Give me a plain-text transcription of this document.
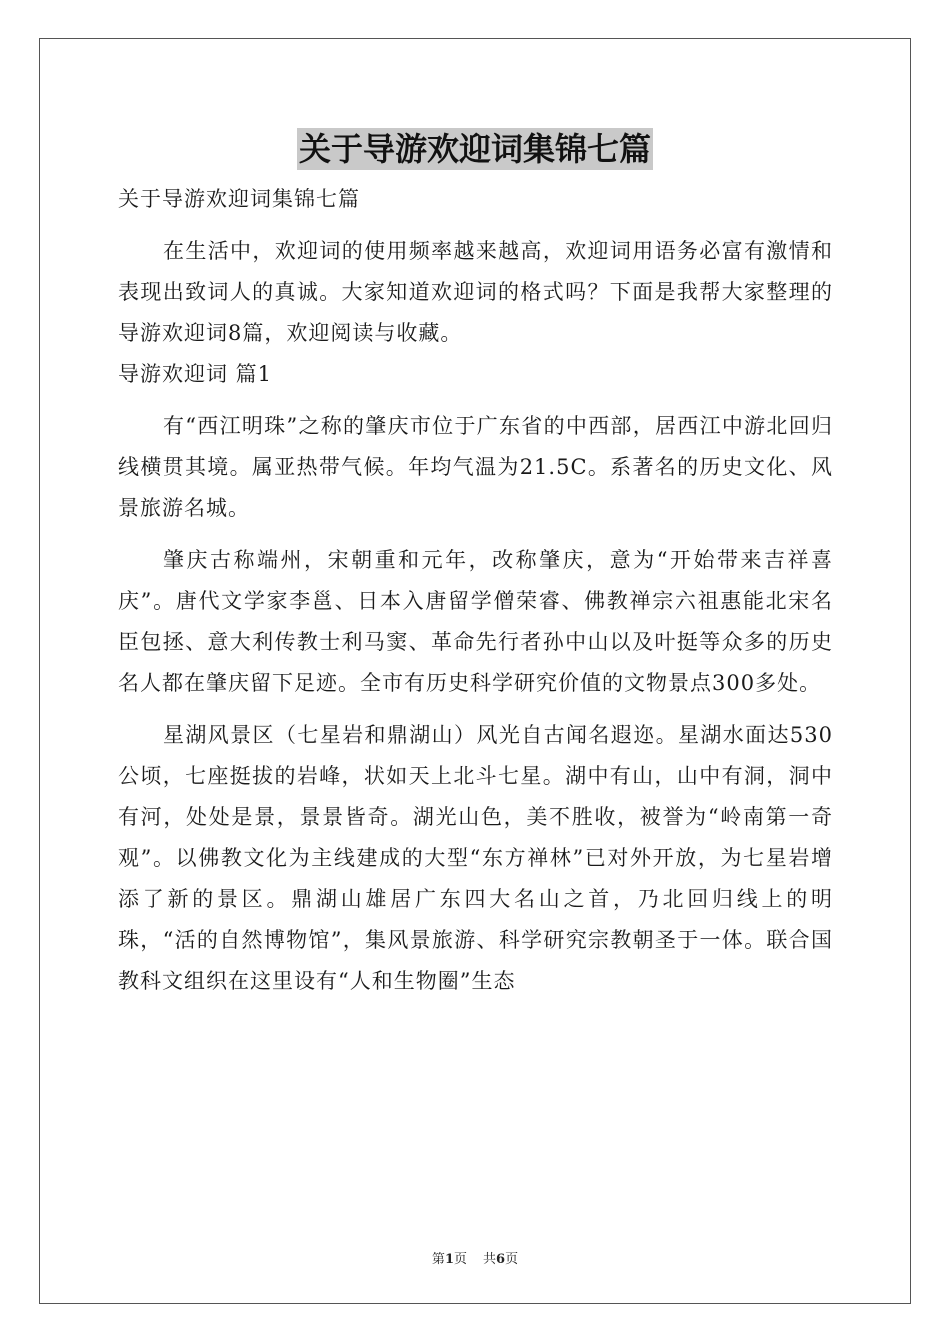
关于导游欢迎词集锦七篇

关于导游欢迎词集锦七篇

在生活中，欢迎词的使用频率越来越高，欢迎词用语务必富有激情和表现出致词人的真诚。大家知道欢迎词的格式吗？下面是我帮大家整理的导游欢迎词8篇，欢迎阅读与收藏。

导游欢迎词 篇1

有“西江明珠”之称的肇庆市位于广东省的中西部，居西江中游北回归线横贯其境。属亚热带气候。年均气温为21.5C。系著名的历史文化、风景旅游名城。

肇庆古称端州，宋朝重和元年，改称肇庆，意为“开始带来吉祥喜庆”。唐代文学家李邕、日本入唐留学僧荣睿、佛教禅宗六祖惠能北宋名臣包拯、意大利传教士利马窦、革命先行者孙中山以及叶挺等众多的历史名人都在肇庆留下足迹。全市有历史科学研究价值的文物景点300多处。

星湖风景区（七星岩和鼎湖山）风光自古闻名遐迩。星湖水面达530公顷，七座挺拔的岩峰，状如天上北斗七星。湖中有山，山中有洞，洞中有河，处处是景，景景皆奇。湖光山色，美不胜收，被誉为“岭南第一奇观”。以佛教文化为主线建成的大型“东方禅林”已对外开放，为七星岩增添了新的景区。鼎湖山雄居广东四大名山之首，乃北回归线上的明珠，“活的自然博物馆”，集风景旅游、科学研究宗教朝圣于一体。联合国教科文组织在这里设有“人和生物圈”生态

第1页 共6页
